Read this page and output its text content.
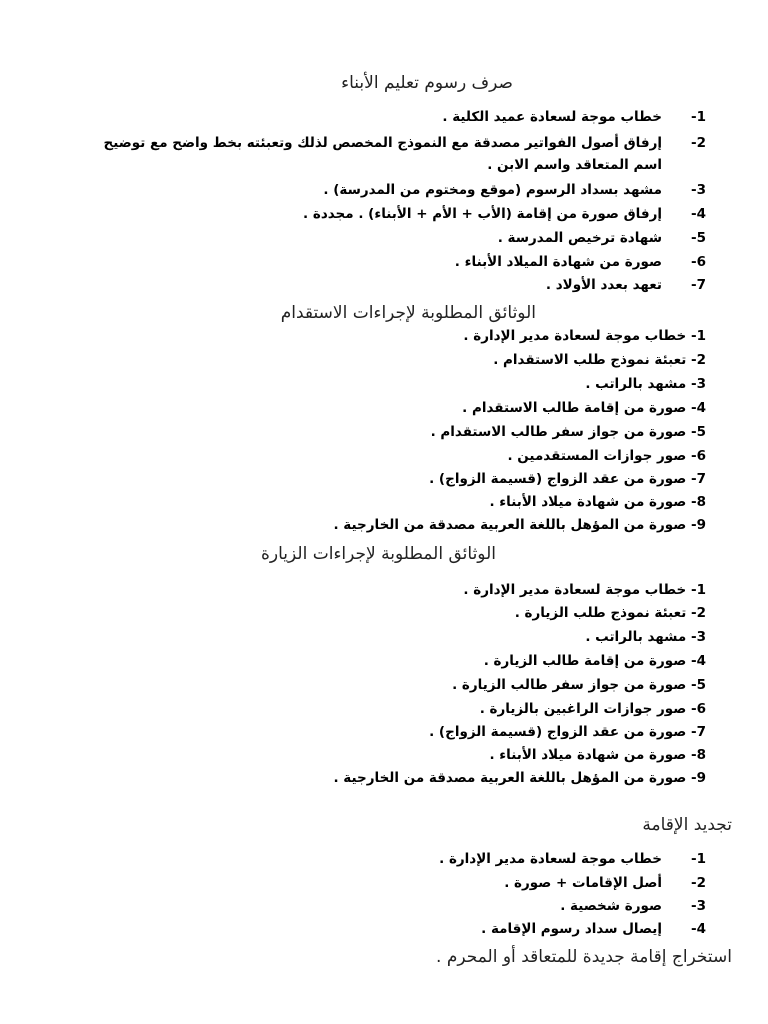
صرف رسوم تعليم الأبناء
1-خطاب موجة لسعادة عميد الكلية .
2-إرفاق أصول الفواتير مصدقة مع النموذج المخصص لذلك وتعبئته بخط واضح مع توضيح
اسم المتعاقد واسم الابن .
3-مشهد بسداد الرسوم (موقع ومختوم من المدرسة) .
4-إرفاق صورة من إقامة (الأب + الأم + الأبناء) . مجددة .
5-شهادة ترخيص المدرسة .
6-صورة من شهادة الميلاد الأبناء .
7-تعهد بعدد الأولاد .
الوثائق المطلوبة لإجراءات الاستقدام
1- خطاب موجة لسعادة مدير الإدارة .
2- تعبئة نموذج طلب الاستقدام .
3- مشهد بالراتب .
4- صورة من إقامة طالب الاستقدام .
5- صورة من جواز سفر طالب الاستقدام .
6- صور جوازات المستقدمين .
7- صورة من عقد الزواج (قسيمة الزواج) .
8- صورة من شهادة ميلاد الأبناء .
9- صورة من المؤهل باللغة العربية مصدقة من الخارجية .
الوثائق المطلوبة لإجراءات الزيارة
1- خطاب موجة لسعادة مدير الإدارة .
2- تعبئة نموذج طلب الزيارة .
3- مشهد بالراتب .
4- صورة من إقامة طالب الزيارة .
5- صورة من جواز سفر طالب الزيارة .
6- صور جوازات الراغبين بالزيارة .
7- صورة من عقد الزواج (قسيمة الزواج) .
8- صورة من شهادة ميلاد الأبناء .
9- صورة من المؤهل باللغة العربية مصدقة من الخارجية .
تجديد الإقامة
1-خطاب موجة لسعادة مدير الإدارة .
2-أصل الإقامات + صورة .
3-صورة شخصية .
4-إيصال سداد رسوم الإقامة .
استخراج إقامة جديدة للمتعاقد أو المحرم .
